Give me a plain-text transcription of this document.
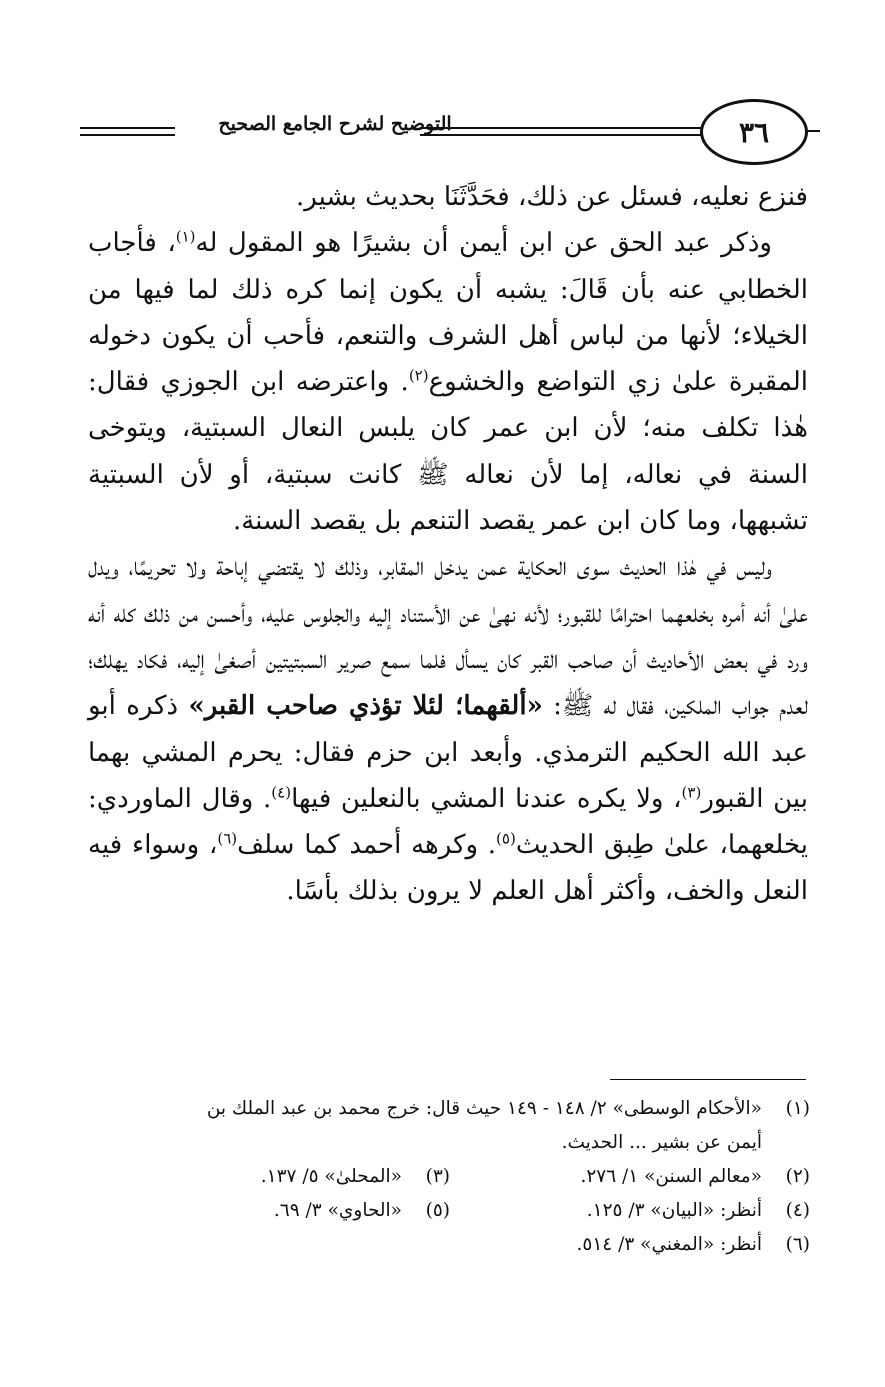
التوضيح لشرح الجامع الصحيح	٣٦

فنزع نعليه، فسئل عن ذلك، فحَدَّثَنَا بحديث بشير.

وذكر عبد الحق عن ابن أيمن أن بشيرًا هو المقول له$^{(١)}$، فأجاب الخطابي عنه بأن قَالَ: يشبه أن يكون إنما كره ذلك لما فيها من الخيلاء؛ لأنها من لباس أهل الشرف والتنعم، فأحب أن يكون دخوله المقبرة علىٰ زي التواضع والخشوع$^{(٢)}$. واعترضه ابن الجوزي فقال: هٰذا تكلف منه؛ لأن ابن عمر كان يلبس النعال السبتية، ويتوخى السنة في نعاله، إما لأن نعاله ﷺ كانت سبتية، أو لأن السبتية تشبهها، وما كان ابن عمر يقصد التنعم بل يقصد السنة.

وليس في هٰذا الحديث سوى الحكاية عمن يدخل المقابر، وذلك لا يقتضي إباحة ولا تحريمًا، ويدل علىٰ أنه أمره بخلعهما احترامًا للقبور؛ لأنه نهىٰ عن الأستناد إليه والجلوس عليه، وأحسن من ذلك كله أنه ورد في بعض الأحاديث أن صاحب القبر كان يسأل فلما سمع صرير السبتيتين أصغىٰ إليه، فكاد يهلك؛ لعدم جواب الملكين، فقال له ﷺ: «ألقهما؛ لئلا تؤذي صاحب القبر» ذكره أبو عبد الله الحكيم الترمذي. وأبعد ابن حزم فقال: يحرم المشي بهما بين القبور$^{(٣)}$، ولا يكره عندنا المشي بالنعلين فيها$^{(٤)}$. وقال الماوردي: يخلعهما، علىٰ طِبق الحديث$^{(٥)}$. وكرهه أحمد كما سلف$^{(٦)}$، وسواء فيه النعل والخف، وأكثر أهل العلم لا يرون بذلك بأسًا.

(١)«الأحكام الوسطى» ٢/ ١٤٨ - ١٤٩ حيث قال: خرج محمد بن عبد الملك بن
أيمن عن بشير ... الحديث.
(٢)
«معالم السنن» ١/ ٢٧٦.
(٣)
«المحلىٰ» ٥/ ١٣٧.
(٤)
أنظر: «البيان» ٣/ ١٢٥.
(٥)
«الحاوي» ٣/ ٦٩.
(٦)أنظر: «المغني» ٣/ ٥١٤.
